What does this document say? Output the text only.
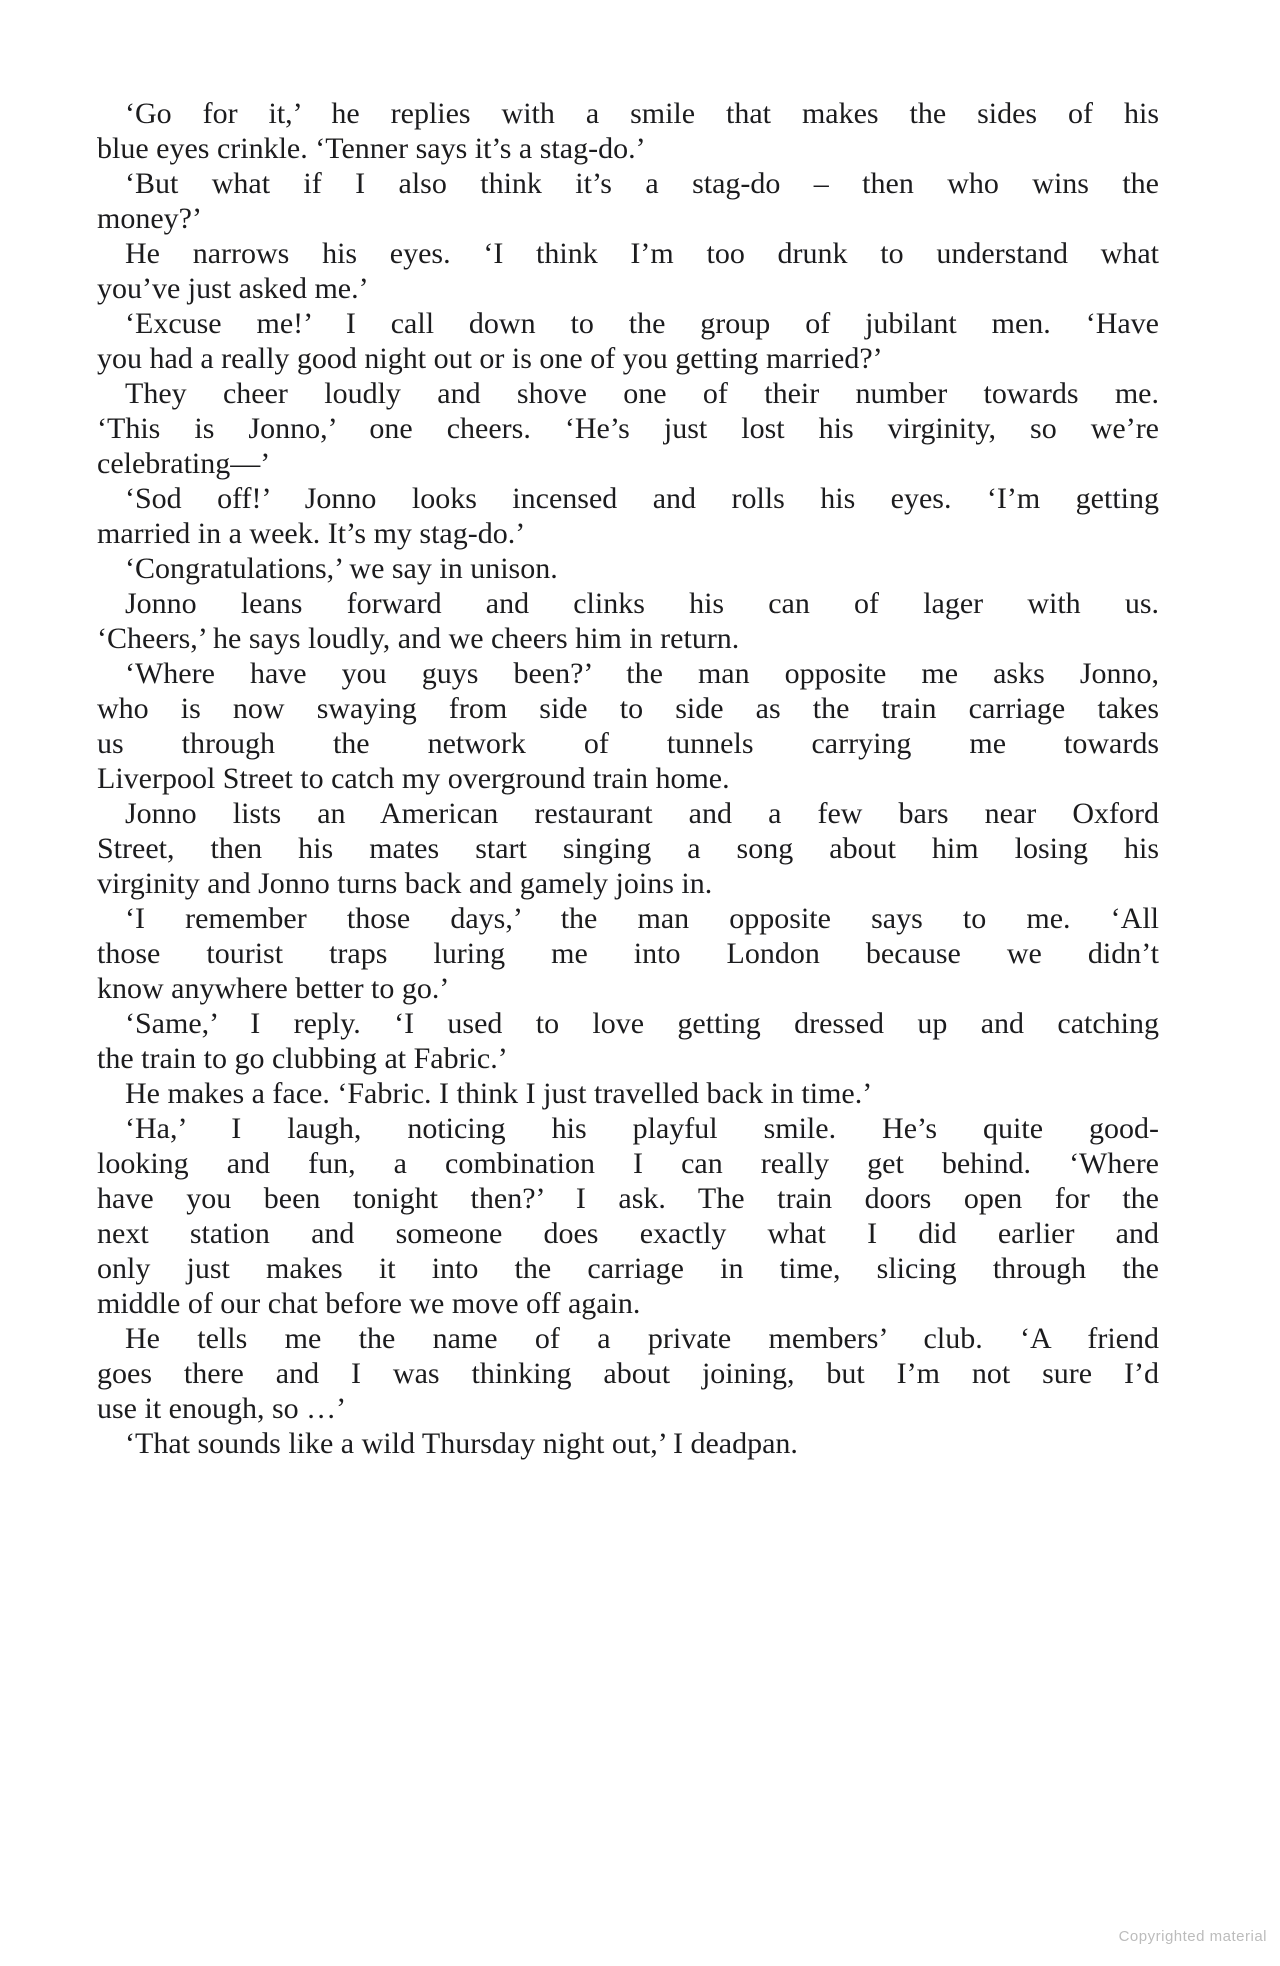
‘Go for it,’ he replies with a smile that makes the sides of his
blue eyes crinkle. ‘Tenner says it’s a stag-do.’

‘But what if I also think it’s a stag-do – then who wins the
money?’

He narrows his eyes. ‘I think I’m too drunk to understand what
you’ve just asked me.’

‘Excuse me!’ I call down to the group of jubilant men. ‘Have
you had a really good night out or is one of you getting married?’

They cheer loudly and shove one of their number towards me.
‘This is Jonno,’ one cheers. ‘He’s just lost his virginity, so we’re
celebrating—’

‘Sod off!’ Jonno looks incensed and rolls his eyes. ‘I’m getting
married in a week. It’s my stag-do.’

‘Congratulations,’ we say in unison.

Jonno leans forward and clinks his can of lager with us.
‘Cheers,’ he says loudly, and we cheers him in return.

‘Where have you guys been?’ the man opposite me asks Jonno,
who is now swaying from side to side as the train carriage takes
us through the network of tunnels carrying me towards
Liverpool Street to catch my overground train home.

Jonno lists an American restaurant and a few bars near Oxford
Street, then his mates start singing a song about him losing his
virginity and Jonno turns back and gamely joins in.

‘I remember those days,’ the man opposite says to me. ‘All
those tourist traps luring me into London because we didn’t
know anywhere better to go.’

‘Same,’ I reply. ‘I used to love getting dressed up and catching
the train to go clubbing at Fabric.’

He makes a face. ‘Fabric. I think I just travelled back in time.’

‘Ha,’ I laugh, noticing his playful smile. He’s quite good-
looking and fun, a combination I can really get behind. ‘Where
have you been tonight then?’ I ask. The train doors open for the
next station and someone does exactly what I did earlier and
only just makes it into the carriage in time, slicing through the
middle of our chat before we move off again.

He tells me the name of a private members’ club. ‘A friend
goes there and I was thinking about joining, but I’m not sure I’d
use it enough, so …’

‘That sounds like a wild Thursday night out,’ I deadpan.

Copyrighted material
